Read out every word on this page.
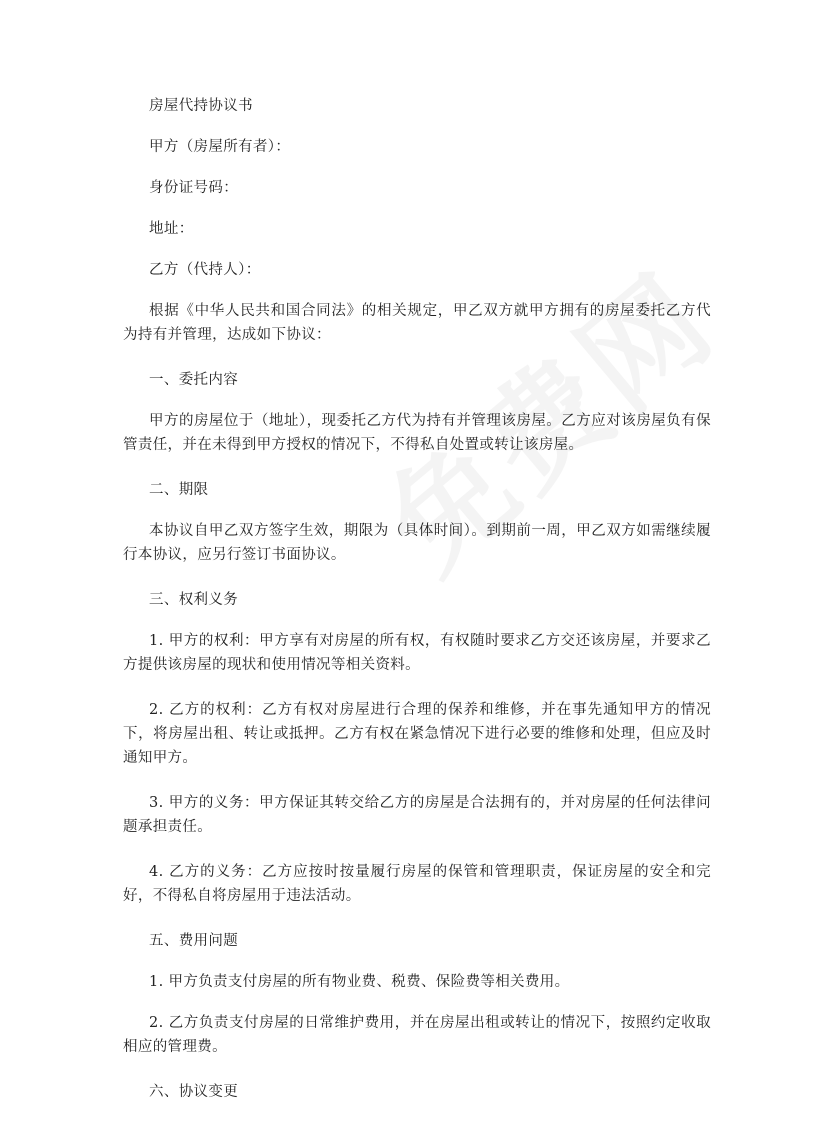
房屋代持协议书

甲方（房屋所有者）：

身份证号码：

地址：

乙方（代持人）：

根据《中华人民共和国合同法》的相关规定，甲乙双方就甲方拥有的房屋委托乙方代为持有并管理，达成如下协议：

一、委托内容

甲方的房屋位于（地址），现委托乙方代为持有并管理该房屋。乙方应对该房屋负有保管责任，并在未得到甲方授权的情况下，不得私自处置或转让该房屋。

二、期限

本协议自甲乙双方签字生效，期限为（具体时间）。到期前一周，甲乙双方如需继续履行本协议，应另行签订书面协议。

三、权利义务

1. 甲方的权利：甲方享有对房屋的所有权，有权随时要求乙方交还该房屋，并要求乙方提供该房屋的现状和使用情况等相关资料。

2. 乙方的权利：乙方有权对房屋进行合理的保养和维修，并在事先通知甲方的情况下，将房屋出租、转让或抵押。乙方有权在紧急情况下进行必要的维修和处理，但应及时通知甲方。

3. 甲方的义务：甲方保证其转交给乙方的房屋是合法拥有的，并对房屋的任何法律问题承担责任。

4. 乙方的义务：乙方应按时按量履行房屋的保管和管理职责，保证房屋的安全和完好，不得私自将房屋用于违法活动。

五、费用问题

1. 甲方负责支付房屋的所有物业费、税费、保险费等相关费用。

2. 乙方负责支付房屋的日常维护费用，并在房屋出租或转让的情况下，按照约定收取相应的管理费。

六、协议变更
